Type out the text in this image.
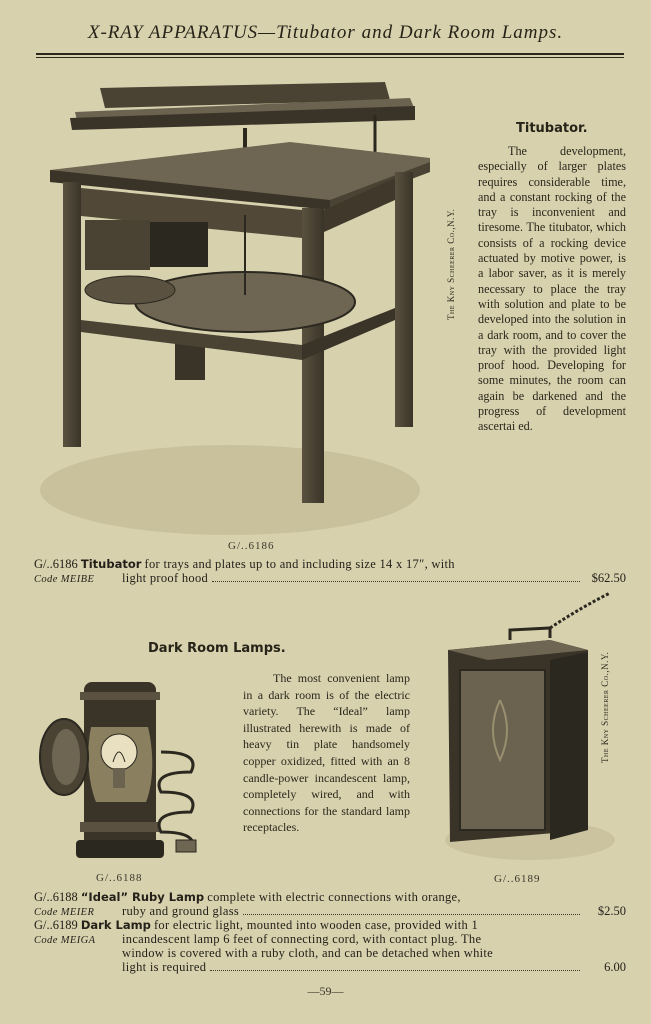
X-RAY APPARATUS—Titubator and Dark Room Lamps.
The Kny Scheerer Co.,N.Y.
Titubator.

The development, especially of larger plates requires considerable time, and a constant rocking of the tray is inconvenient and tiresome. The titubator, which consists of a rocking device actuated by motive power, is a labor saver, as it is merely necessary to place the tray with solution and plate to be developed into the solution in a dark room, and to cover the tray with the provided light proof hood. Developing for some minutes, the room can again be darkened and the progress of development ascertai ed.

G/..6186
G/..6186 Titubator for trays and plates up to and including size 14 x 17″, with
Code MEIBE	light proof hood	$62.50
Dark Room Lamps.

The most convenient lamp in a dark room is of the electric variety. The “Ideal” lamp illustrated herewith is made of heavy tin plate handsomely copper oxidized, fitted with an 8 candle-power incandescent lamp, completely wired, and with connections for the standard lamp receptacles.

G/..6188
The Kny Scheerer Co.,N.Y.
G/..6189
G/..6188 “Ideal” Ruby Lamp complete with electric connections with orange,
Code MEIER	ruby and ground glass	$2.50
G/..6189 Dark Lamp for electric light, mounted into wooden case, provided with 1
Code MEIGA incandescent lamp 6 feet of connecting cord, with contact plug. The
window is covered with a ruby cloth, and can be detached when white
light is required	6.00
—59—
